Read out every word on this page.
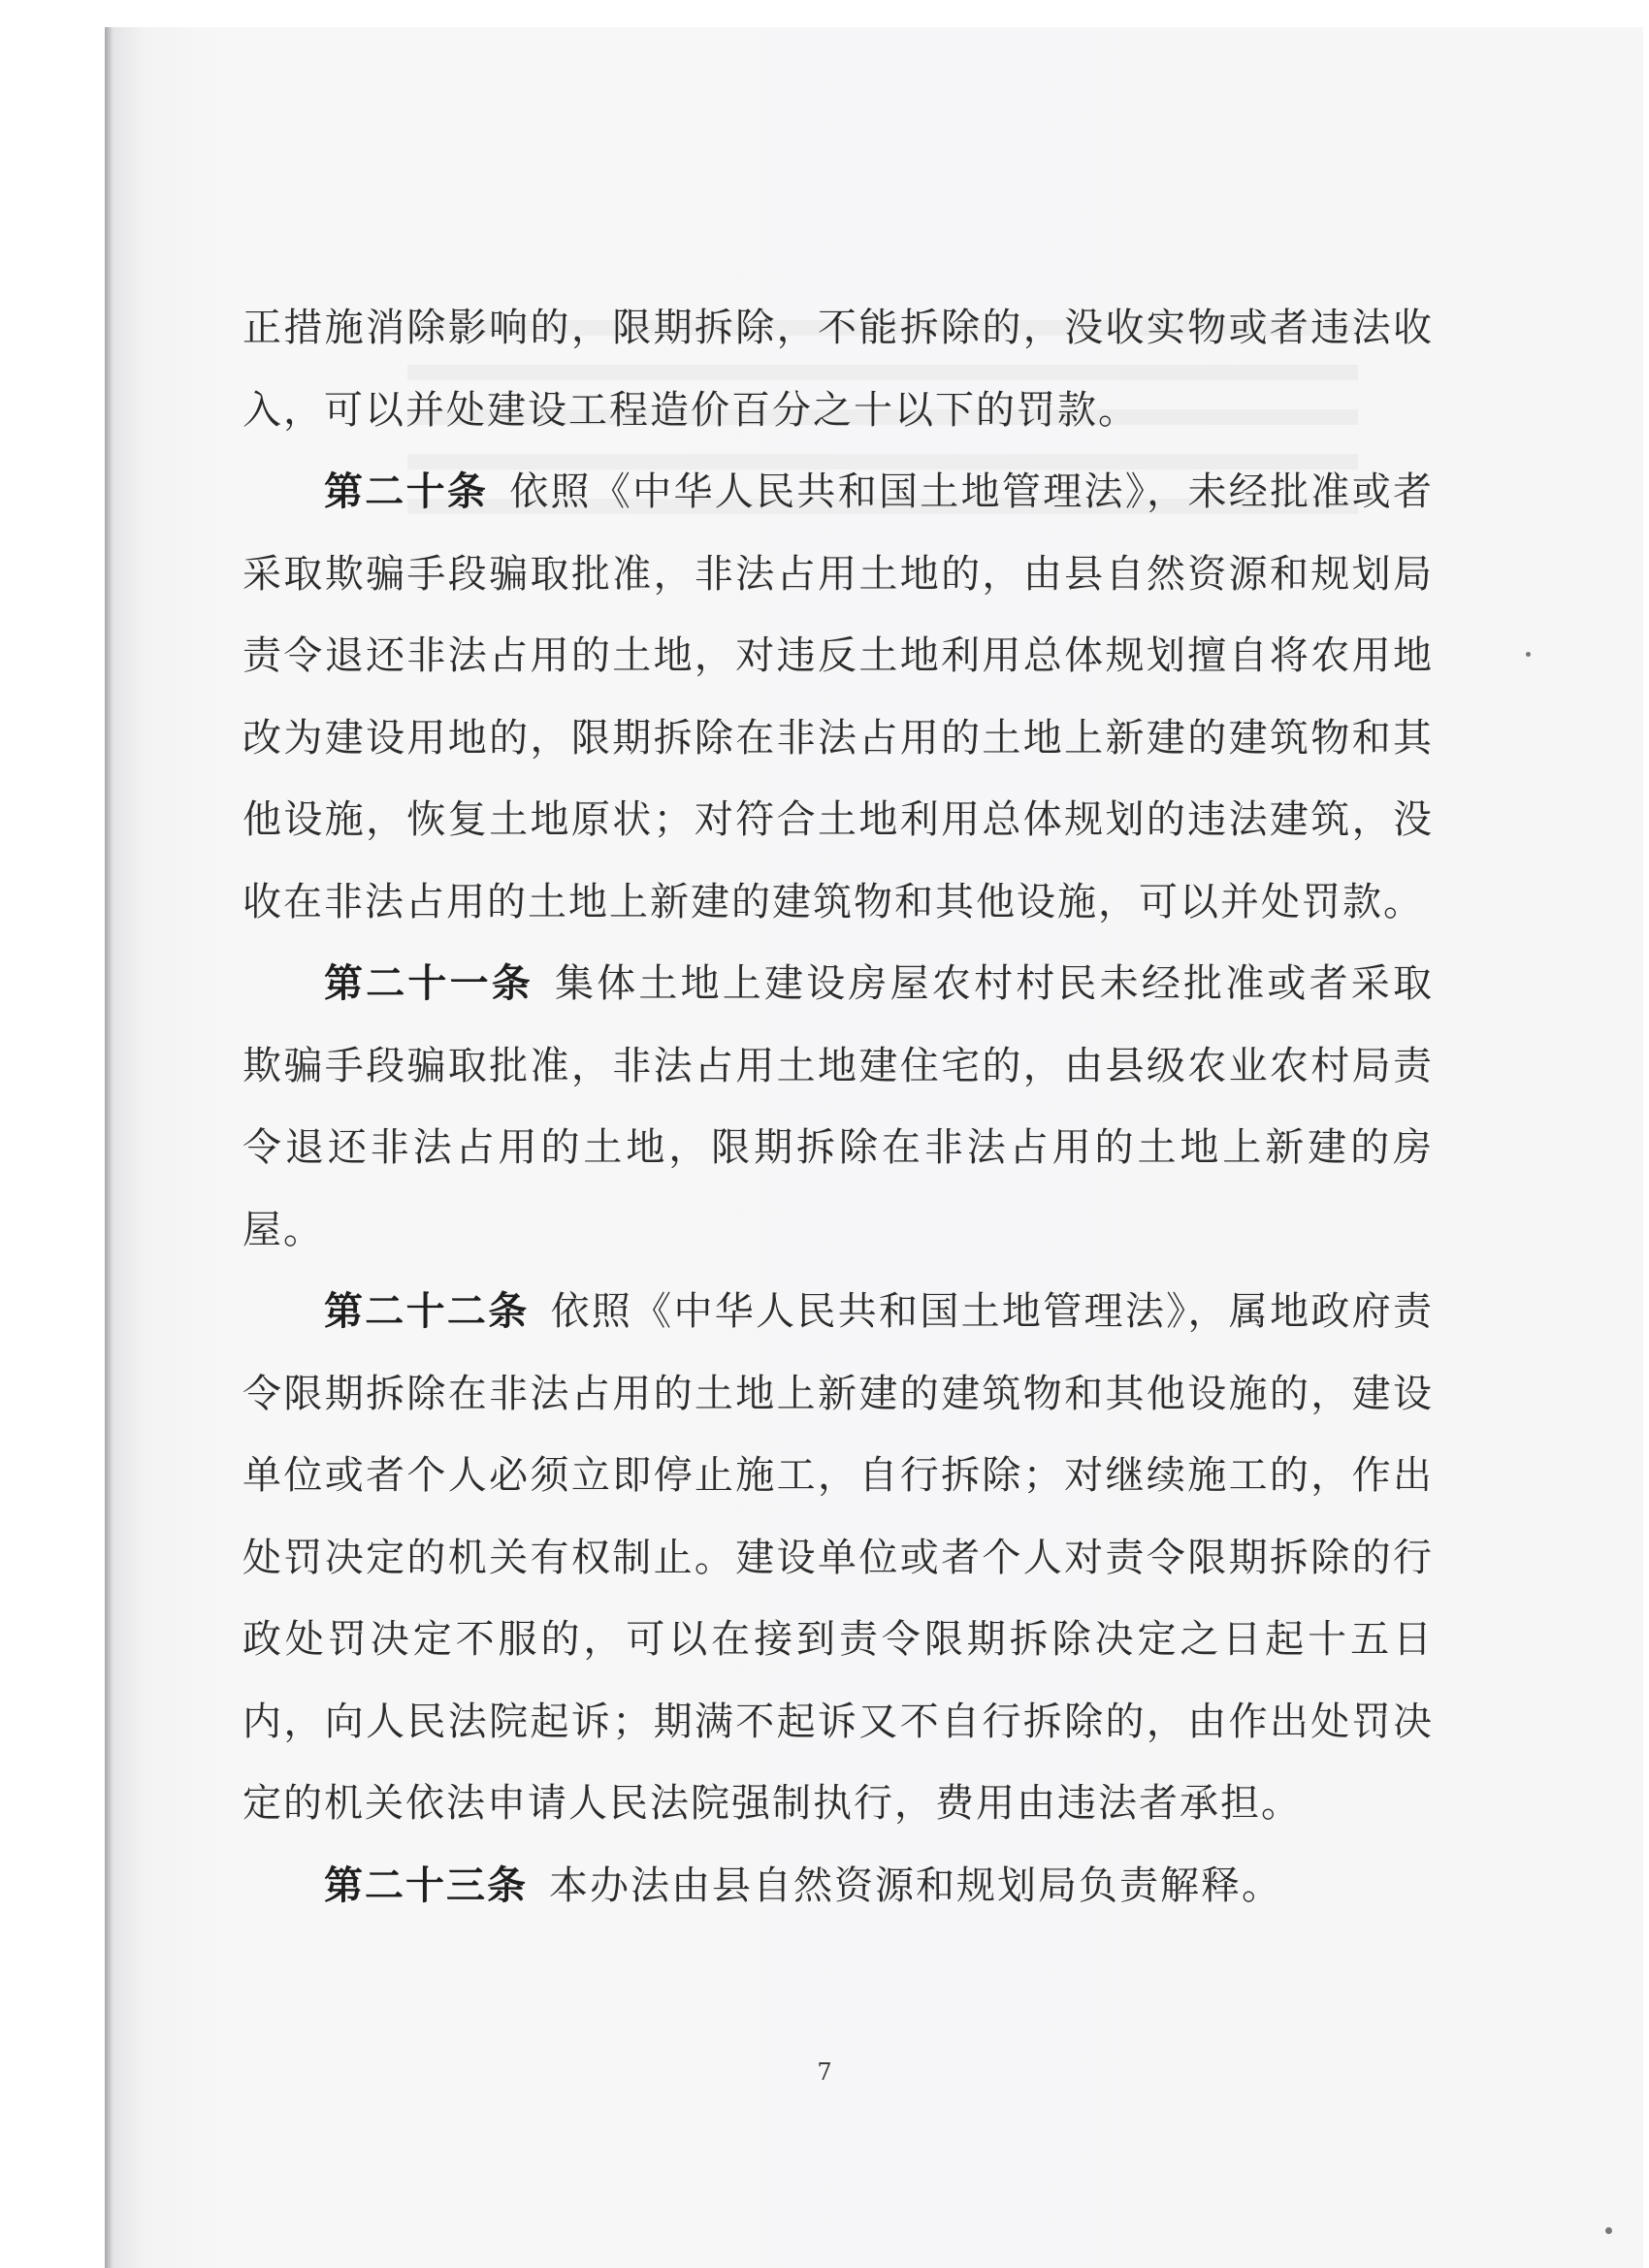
正措施消除影响的，限期拆除，不能拆除的，没收实物或者违法收入，可以并处建设工程造价百分之十以下的罚款。

第二十条 依照《中华人民共和国土地管理法》，未经批准或者采取欺骗手段骗取批准，非法占用土地的，由县自然资源和规划局责令退还非法占用的土地，对违反土地利用总体规划擅自将农用地改为建设用地的，限期拆除在非法占用的土地上新建的建筑物和其他设施，恢复土地原状；对符合土地利用总体规划的违法建筑，没收在非法占用的土地上新建的建筑物和其他设施，可以并处罚款。

第二十一条 集体土地上建设房屋农村村民未经批准或者采取欺骗手段骗取批准，非法占用土地建住宅的，由县级农业农村局责令退还非法占用的土地，限期拆除在非法占用的土地上新建的房屋。

第二十二条 依照《中华人民共和国土地管理法》，属地政府责令限期拆除在非法占用的土地上新建的建筑物和其他设施的，建设单位或者个人必须立即停止施工，自行拆除；对继续施工的，作出处罚决定的机关有权制止。建设单位或者个人对责令限期拆除的行政处罚决定不服的，可以在接到责令限期拆除决定之日起十五日内，向人民法院起诉；期满不起诉又不自行拆除的，由作出处罚决定的机关依法申请人民法院强制执行，费用由违法者承担。

第二十三条 本办法由县自然资源和规划局负责解释。

7
